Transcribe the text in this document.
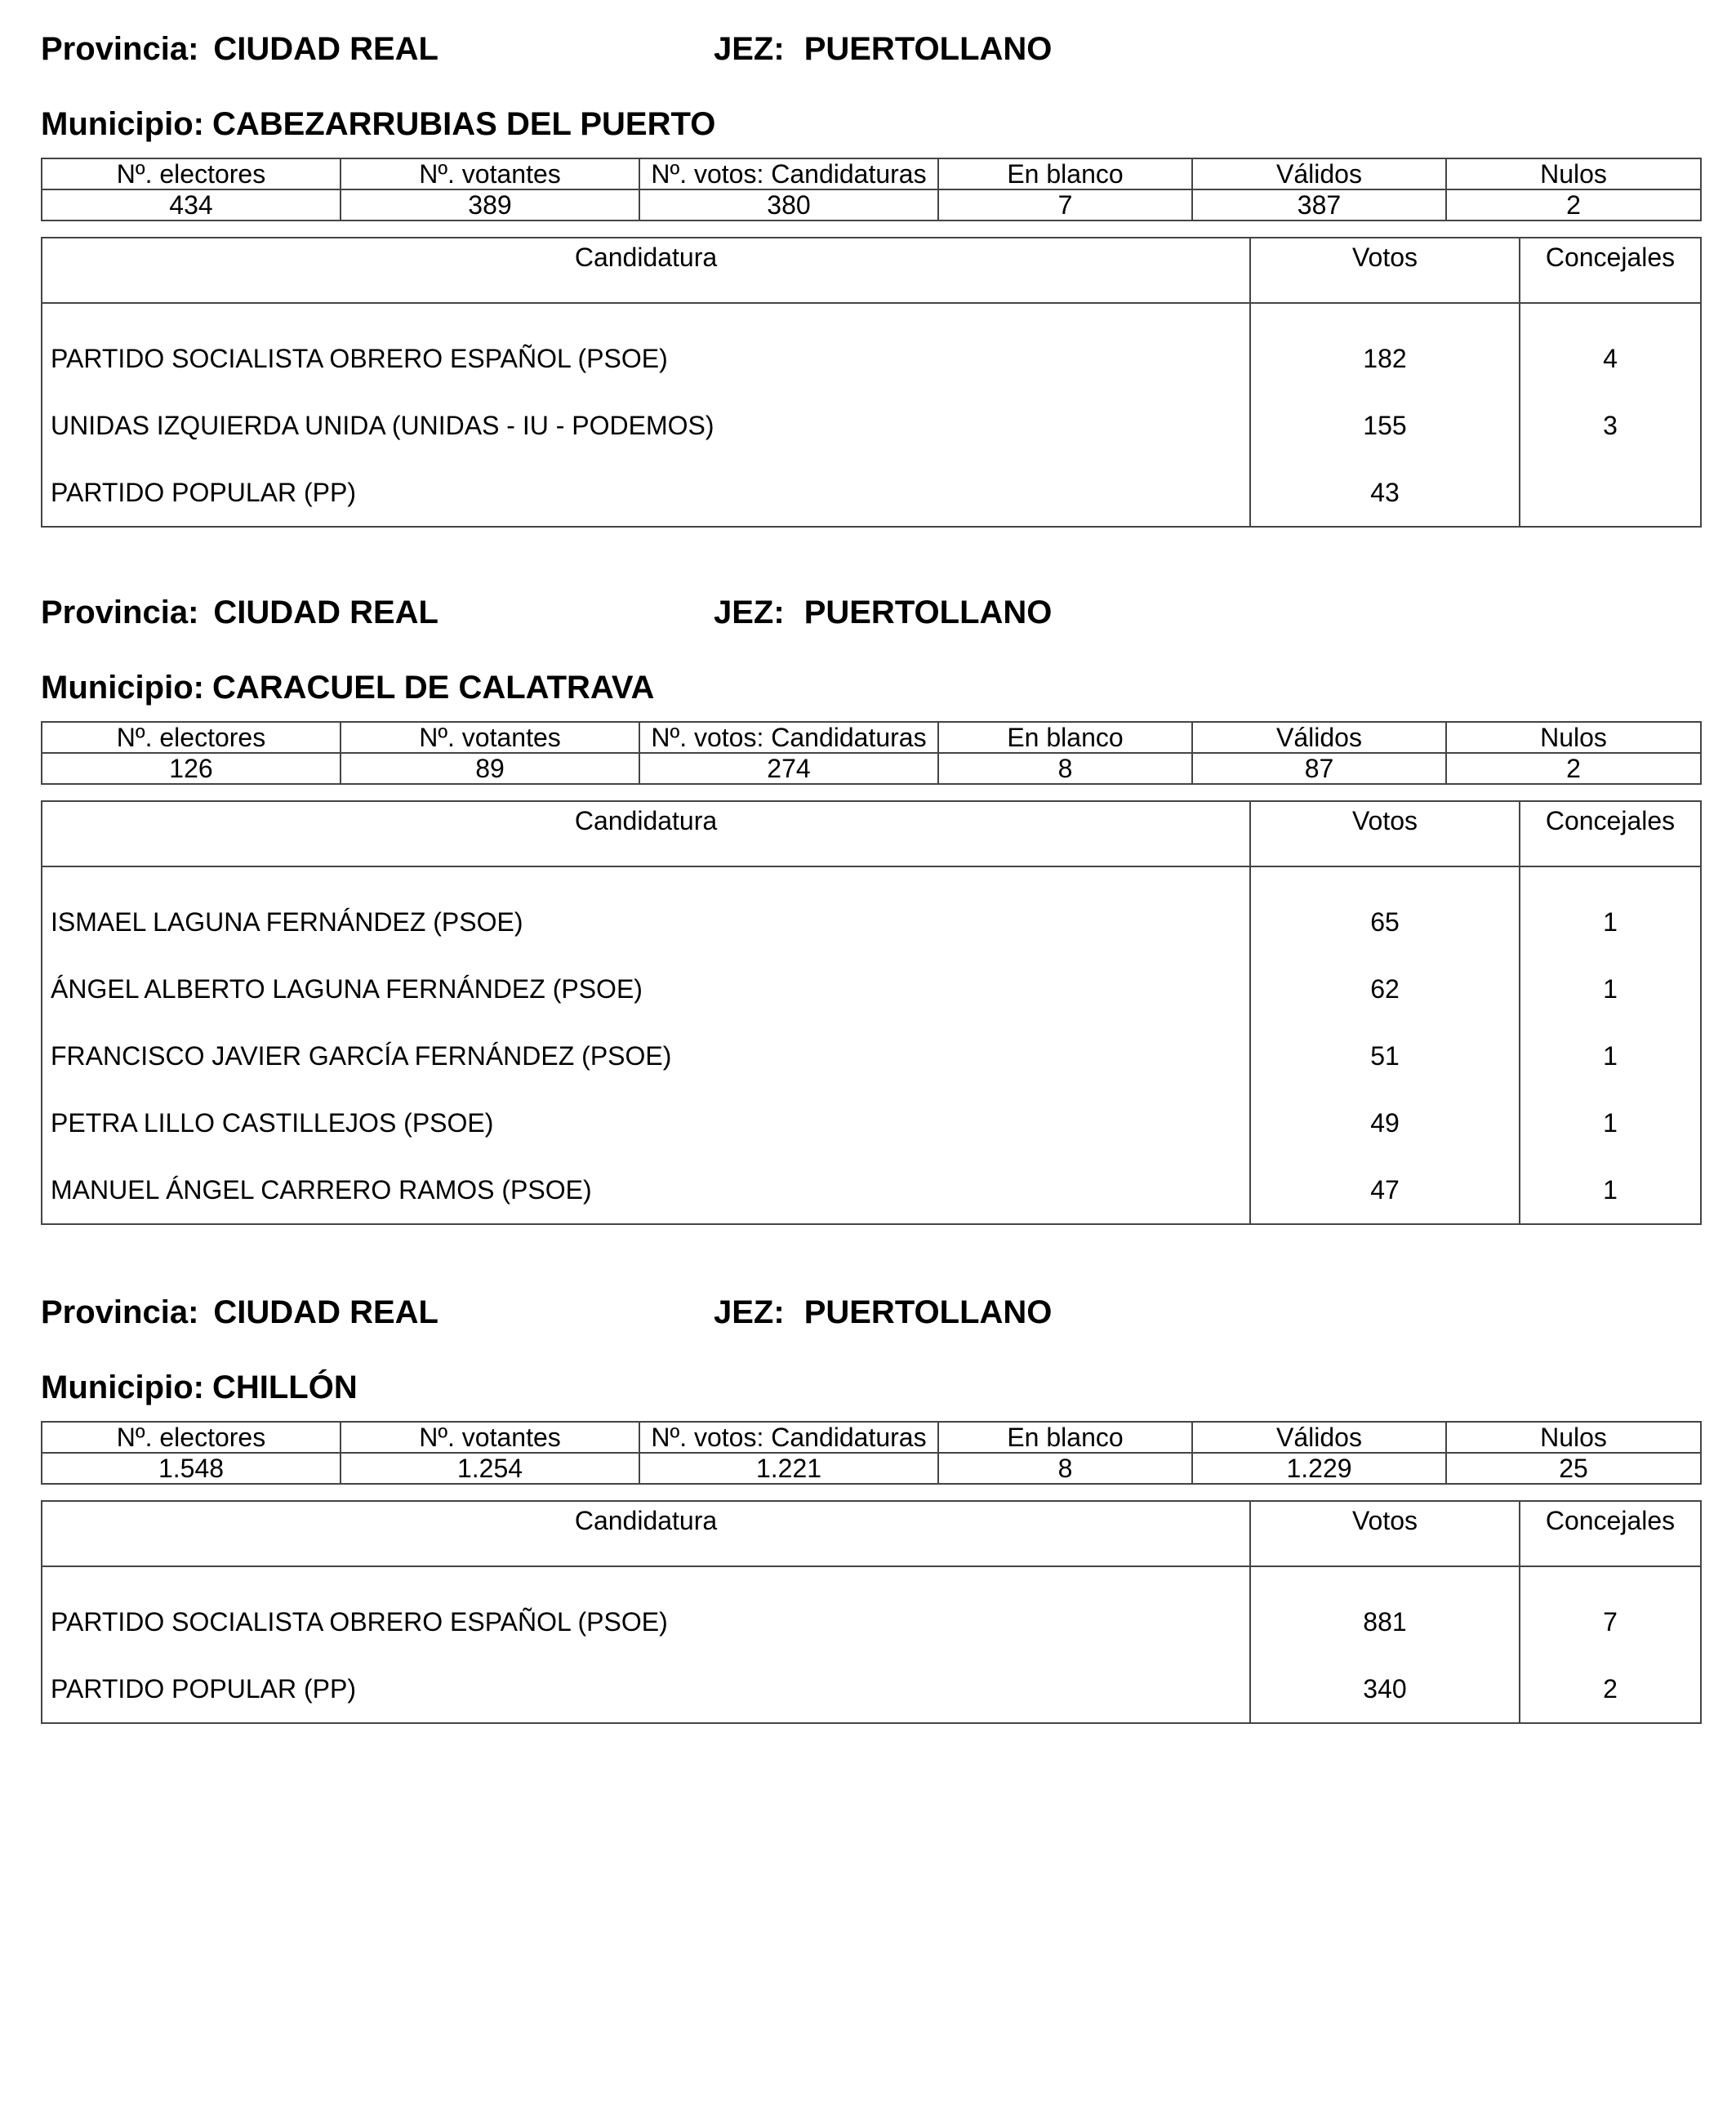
Provincia: CIUDAD REAL	JEZ: PUERTOLLANO
Municipio: CABEZARRUBIAS DEL PUERTO
Nº. electores	Nº. votantes	Nº. votos: Candidaturas	En blanco	Válidos	Nulos
434	389	380	7	387	2
Candidatura	Votos	Concejales

PARTIDO SOCIALISTA OBRERO ESPAÑOL (PSOE)	182	4
UNIDAS IZQUIERDA UNIDA (UNIDAS - IU - PODEMOS)	155	3
PARTIDO POPULAR (PP)	43	
Provincia: CIUDAD REAL	JEZ: PUERTOLLANO
Municipio: CARACUEL DE CALATRAVA
Nº. electores	Nº. votantes	Nº. votos: Candidaturas	En blanco	Válidos	Nulos
126	89	274	8	87	2
Candidatura	Votos	Concejales

ISMAEL LAGUNA FERNÁNDEZ (PSOE)	65	1
ÁNGEL ALBERTO LAGUNA FERNÁNDEZ (PSOE)	62	1
FRANCISCO JAVIER GARCÍA FERNÁNDEZ (PSOE)	51	1
PETRA LILLO CASTILLEJOS (PSOE)	49	1
MANUEL ÁNGEL CARRERO RAMOS (PSOE)	47	1
Provincia: CIUDAD REAL	JEZ: PUERTOLLANO
Municipio: CHILLÓN
Nº. electores	Nº. votantes	Nº. votos: Candidaturas	En blanco	Válidos	Nulos
1.548	1.254	1.221	8	1.229	25
Candidatura	Votos	Concejales

PARTIDO SOCIALISTA OBRERO ESPAÑOL (PSOE)	881	7
PARTIDO POPULAR (PP)	340	2
